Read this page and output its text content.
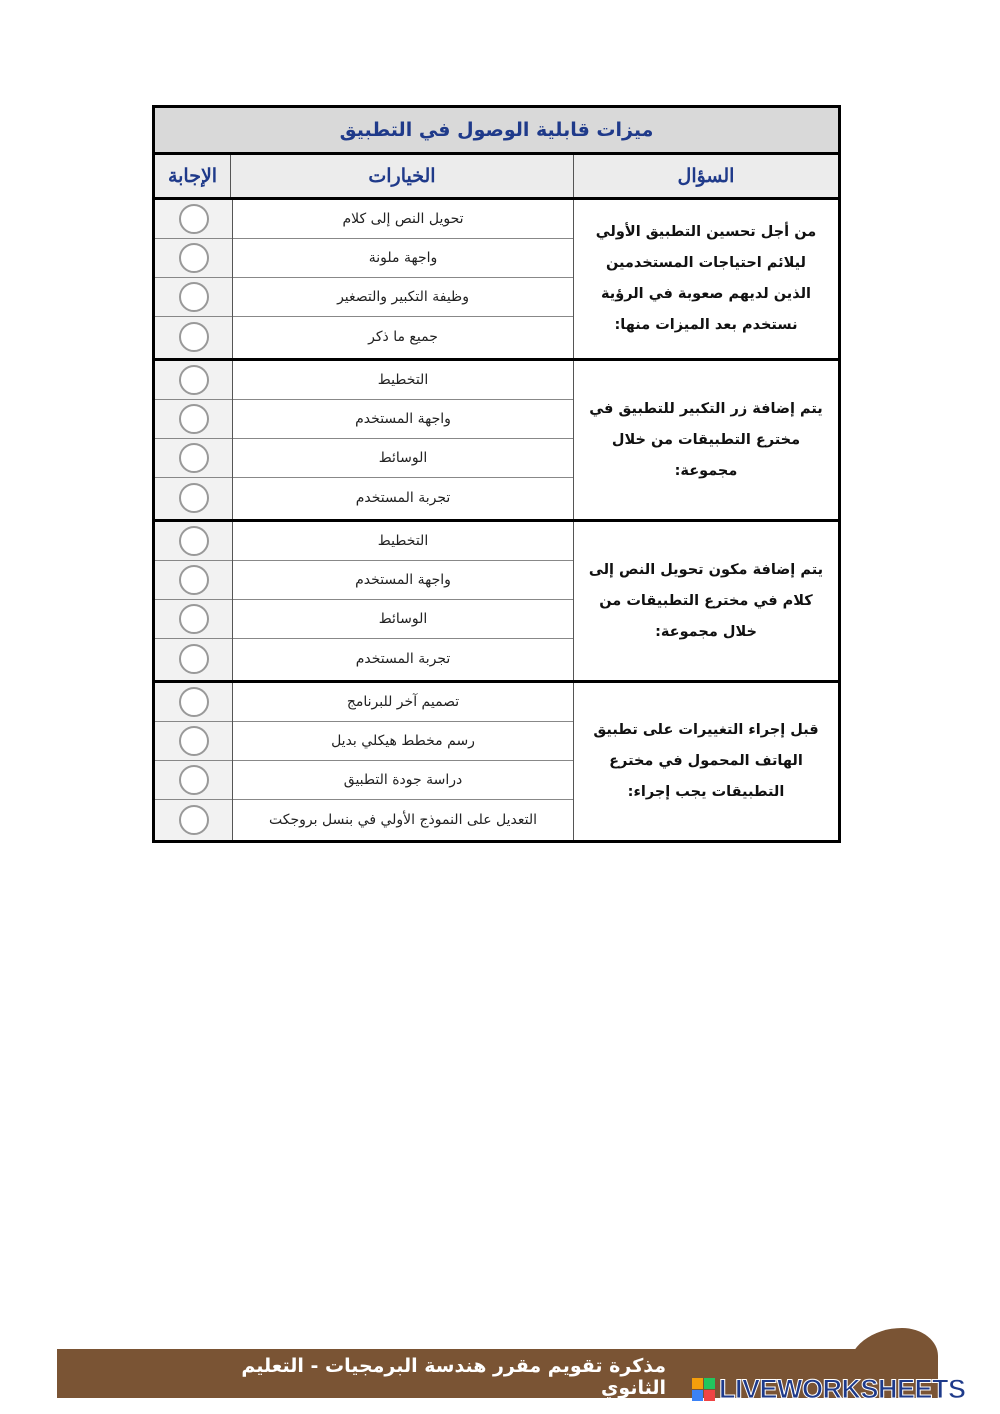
ميزات قابلية الوصول في التطبيق
السؤال
الخيارات
الإجابة
من أجل تحسين التطبيق الأولي ليلائم احتياجات المستخدمين الذين لديهم صعوبة في الرؤية نستخدم بعد الميزات منها:
تحويل النص إلى كلام
واجهة ملونة
وظيفة التكبير والتصغير
جميع ما ذكر
يتم إضافة زر التكبير للتطبيق في مخترع التطبيقات من خلال مجموعة:
التخطيط
واجهة المستخدم
الوسائط
تجربة المستخدم
يتم إضافة مكون تحويل النص إلى كلام في مخترع التطبيقات من خلال مجموعة:
التخطيط
واجهة المستخدم
الوسائط
تجربة المستخدم
قبل إجراء التغييرات على تطبيق الهاتف المحمول في مخترع التطبيقات يجب إجراء:
تصميم آخر للبرنامج
رسم مخطط هيكلي بديل
دراسة جودة التطبيق
التعديل على النموذج الأولي في بنسل بروجكت
مذكرة تقويم مقرر هندسة البرمجيات - التعليم الثانوي LIVEWORKSHEETS
